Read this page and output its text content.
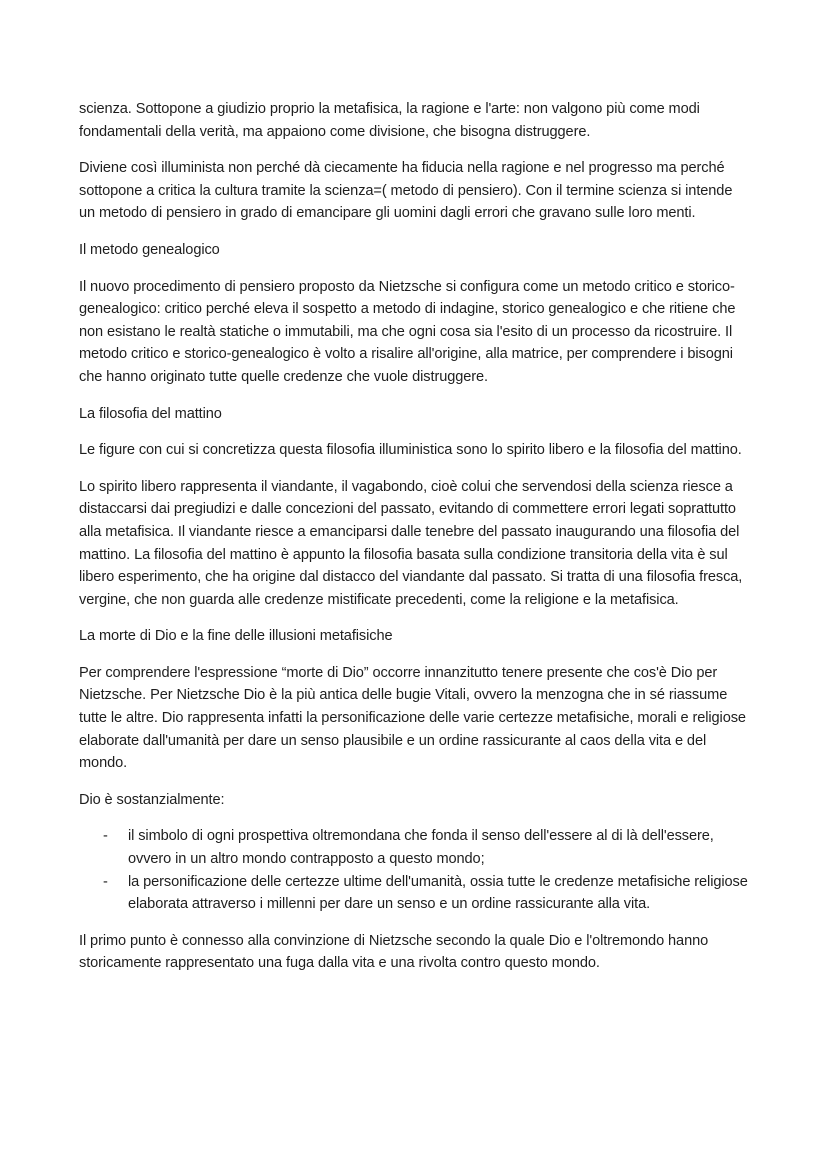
scienza. Sottopone a giudizio proprio la metafisica, la ragione e l'arte: non valgono più come modi fondamentali della verità, ma appaiono come divisione, che bisogna distruggere.

Diviene così illuminista non perché dà ciecamente ha fiducia nella ragione e nel progresso ma perché sottopone a critica la cultura tramite la scienza=( metodo di pensiero). Con il termine scienza si intende un metodo di pensiero in grado di emancipare gli uomini dagli errori che gravano sulle loro menti.

Il metodo genealogico

Il nuovo procedimento di pensiero proposto da Nietzsche si configura come un metodo critico e storico-genealogico: critico perché eleva il sospetto a metodo di indagine, storico genealogico e che ritiene che non esistano le realtà statiche o immutabili, ma che ogni cosa sia l'esito di un processo da ricostruire. Il metodo critico e storico-genealogico è volto a risalire all'origine, alla matrice, per comprendere i bisogni che hanno originato tutte quelle credenze che vuole distruggere.

La filosofia del mattino

Le figure con cui si concretizza questa filosofia illuministica sono lo spirito libero e la filosofia del mattino.

Lo spirito libero rappresenta il viandante, il vagabondo, cioè colui che servendosi della scienza riesce a distaccarsi dai pregiudizi e dalle concezioni del passato, evitando di commettere errori legati soprattutto alla metafisica. Il viandante riesce a emanciparsi dalle tenebre del passato inaugurando una filosofia del mattino. La filosofia del mattino è appunto la filosofia basata sulla condizione transitoria della vita è sul libero esperimento, che ha origine dal distacco del viandante dal passato. Si tratta di una filosofia fresca, vergine, che non guarda alle credenze mistificate precedenti, come la religione e la metafisica.

La morte di Dio e la fine delle illusioni metafisiche

Per comprendere l'espressione “morte di Dio” occorre innanzitutto tenere presente che cos'è Dio per Nietzsche. Per Nietzsche Dio è la più antica delle bugie Vitali, ovvero la menzogna che in sé riassume tutte le altre. Dio rappresenta infatti la personificazione delle varie certezze metafisiche, morali e religiose elaborate dall'umanità per dare un senso plausibile e un ordine rassicurante al caos della vita e del mondo.

Dio è sostanzialmente:

- il simbolo di ogni prospettiva oltremondana che fonda il senso dell'essere al di là dell'essere, ovvero in un altro mondo contrapposto a questo mondo;
- la personificazione delle certezze ultime dell'umanità, ossia tutte le credenze metafisiche religiose elaborata attraverso i millenni per dare un senso e un ordine rassicurante alla vita.

Il primo punto è connesso alla convinzione di Nietzsche secondo la quale Dio e l'oltremondo hanno storicamente rappresentato una fuga dalla vita e una rivolta contro questo mondo.
